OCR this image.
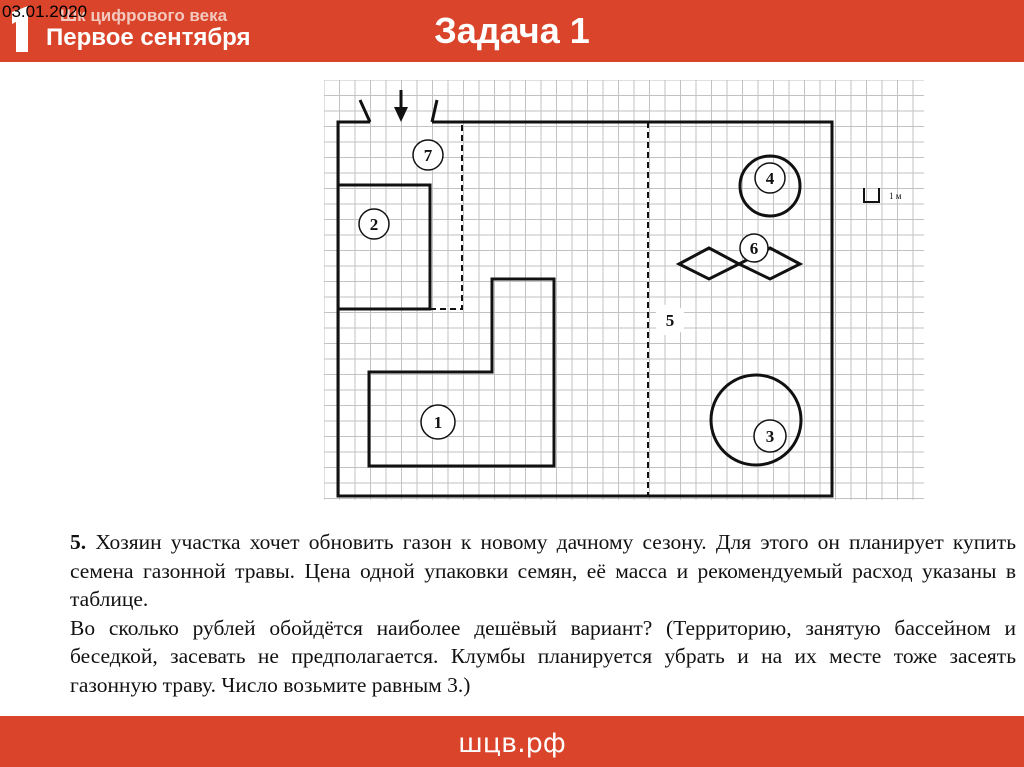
Шк цифрового века
Первое сентября
03.01.2020	Задача 1
1 м
7
2
1
5
4
6
3

5. Хозяин участка хочет обновить газон к новому дачному сезону. Для этого он планирует купить семена газонной травы. Цена одной упаковки семян, её масса и рекомендуемый расход указаны в таблице.

Во сколько рублей обойдётся наиболее дешёвый вариант? (Территорию, занятую бассейном и беседкой, засевать не предполагается. Клумбы планируется убрать и на их месте тоже засеять газонную траву. Число возьмите равным 3.)

шцв.рф
